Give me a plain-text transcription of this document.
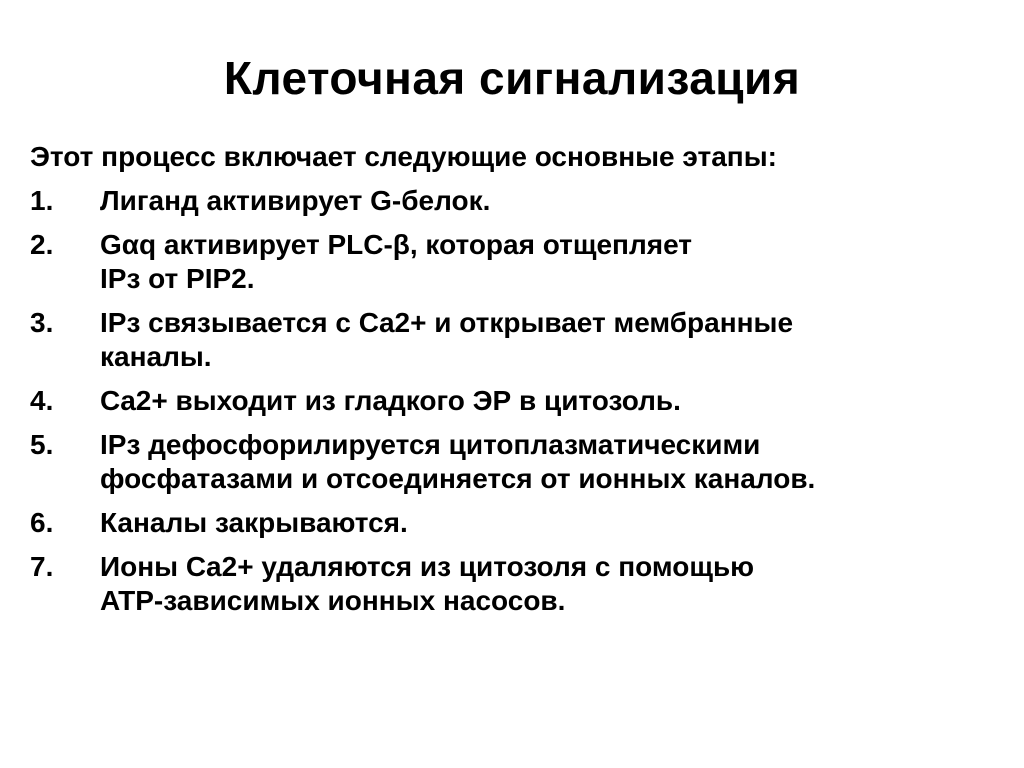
Клеточная сигнализация
Этот процесс включает следующие основные этапы:
1.	Лиганд активирует G-белок.
2.	Gαq активирует PLC-β, которая отщепляет
IPз от PIP2.
3.	IPз связывается с Ca2+ и открывает мембранные
каналы.
4.	Ca2+ выходит из гладкого ЭР в цитозоль.
5.	IPз дефосфорилируется цитоплазматическими
фосфатазами и отсоединяется от ионных каналов.
6.	Каналы закрываются.
7.	Ионы Ca2+ удаляются из цитозоля с помощью
ATP-зависимых ионных насосов.
